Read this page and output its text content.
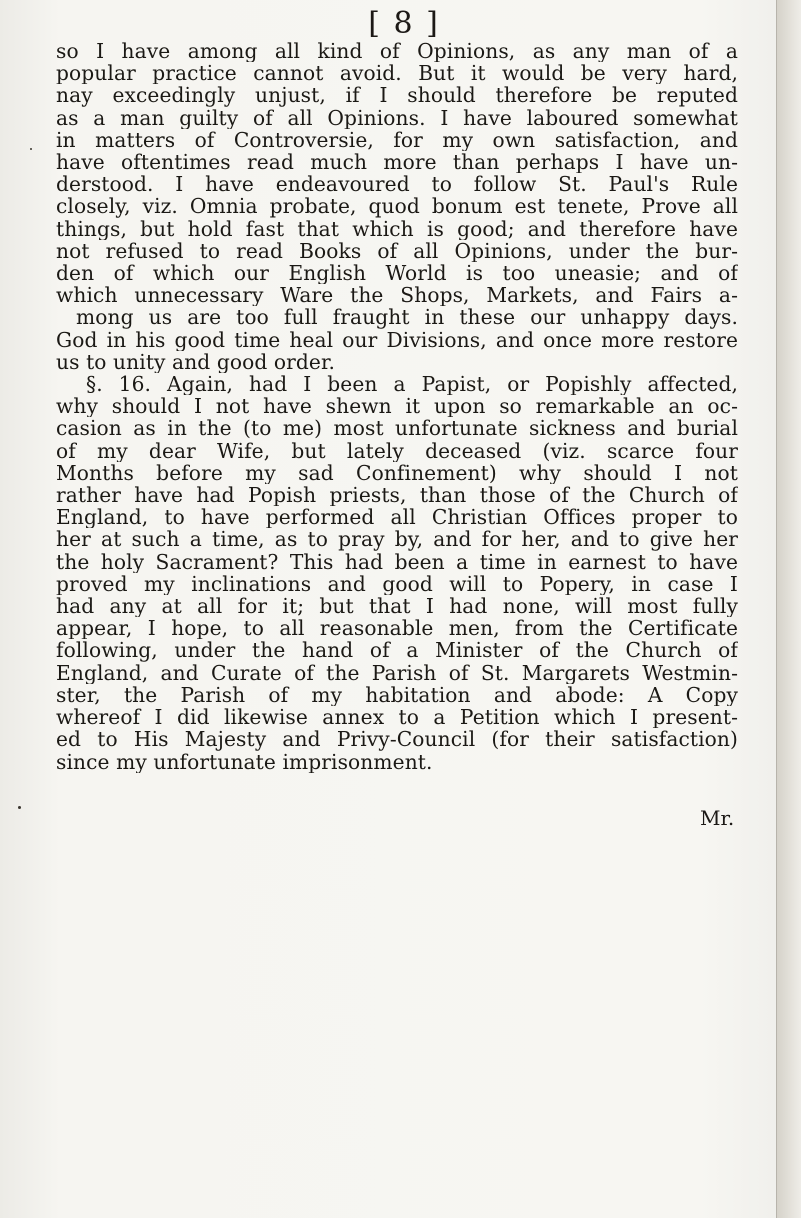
[ 8 ]
so I have among all kind of Opinions, as any man of a
popular practice cannot avoid. But it would be very hard,
nay exceedingly unjust, if I should therefore be reputed
as a man guilty of all Opinions. I have laboured somewhat
in matters of Controversie, for my own satisfaction, and
have oftentimes read much more than perhaps I have un-
derstood. I have endeavoured to follow St. Paul's Rule
closely, viz. Omnia probate, quod bonum est tenete, Prove all
things, but hold fast that which is good; and therefore have
not refused to read Books of all Opinions, under the bur-
den of which our English World is too uneasie; and of
which unnecessary Ware the Shops, Markets, and Fairs a-
mong us are too full fraught in these our unhappy days.
God in his good time heal our Divisions, and once more restore
us to unity and good order.
§. 16. Again, had I been a Papist, or Popishly affected,
why should I not have shewn it upon so remarkable an oc-
casion as in the (to me) most unfortunate sickness and burial
of my dear Wife, but lately deceased (viz. scarce four
Months before my sad Confinement) why should I not
rather have had Popish priests, than those of the Church of
England, to have performed all Christian Offices proper to
her at such a time, as to pray by, and for her, and to give her
the holy Sacrament? This had been a time in earnest to have
proved my inclinations and good will to Popery, in case I
had any at all for it; but that I had none, will most fully
appear, I hope, to all reasonable men, from the Certificate
following, under the hand of a Minister of the Church of
England, and Curate of the Parish of St. Margarets Westmin-
ster, the Parish of my habitation and abode: A Copy
whereof I did likewise annex to a Petition which I present-
ed to His Majesty and Privy-Council (for their satisfaction)
since my unfortunate imprisonment.
Mr.
